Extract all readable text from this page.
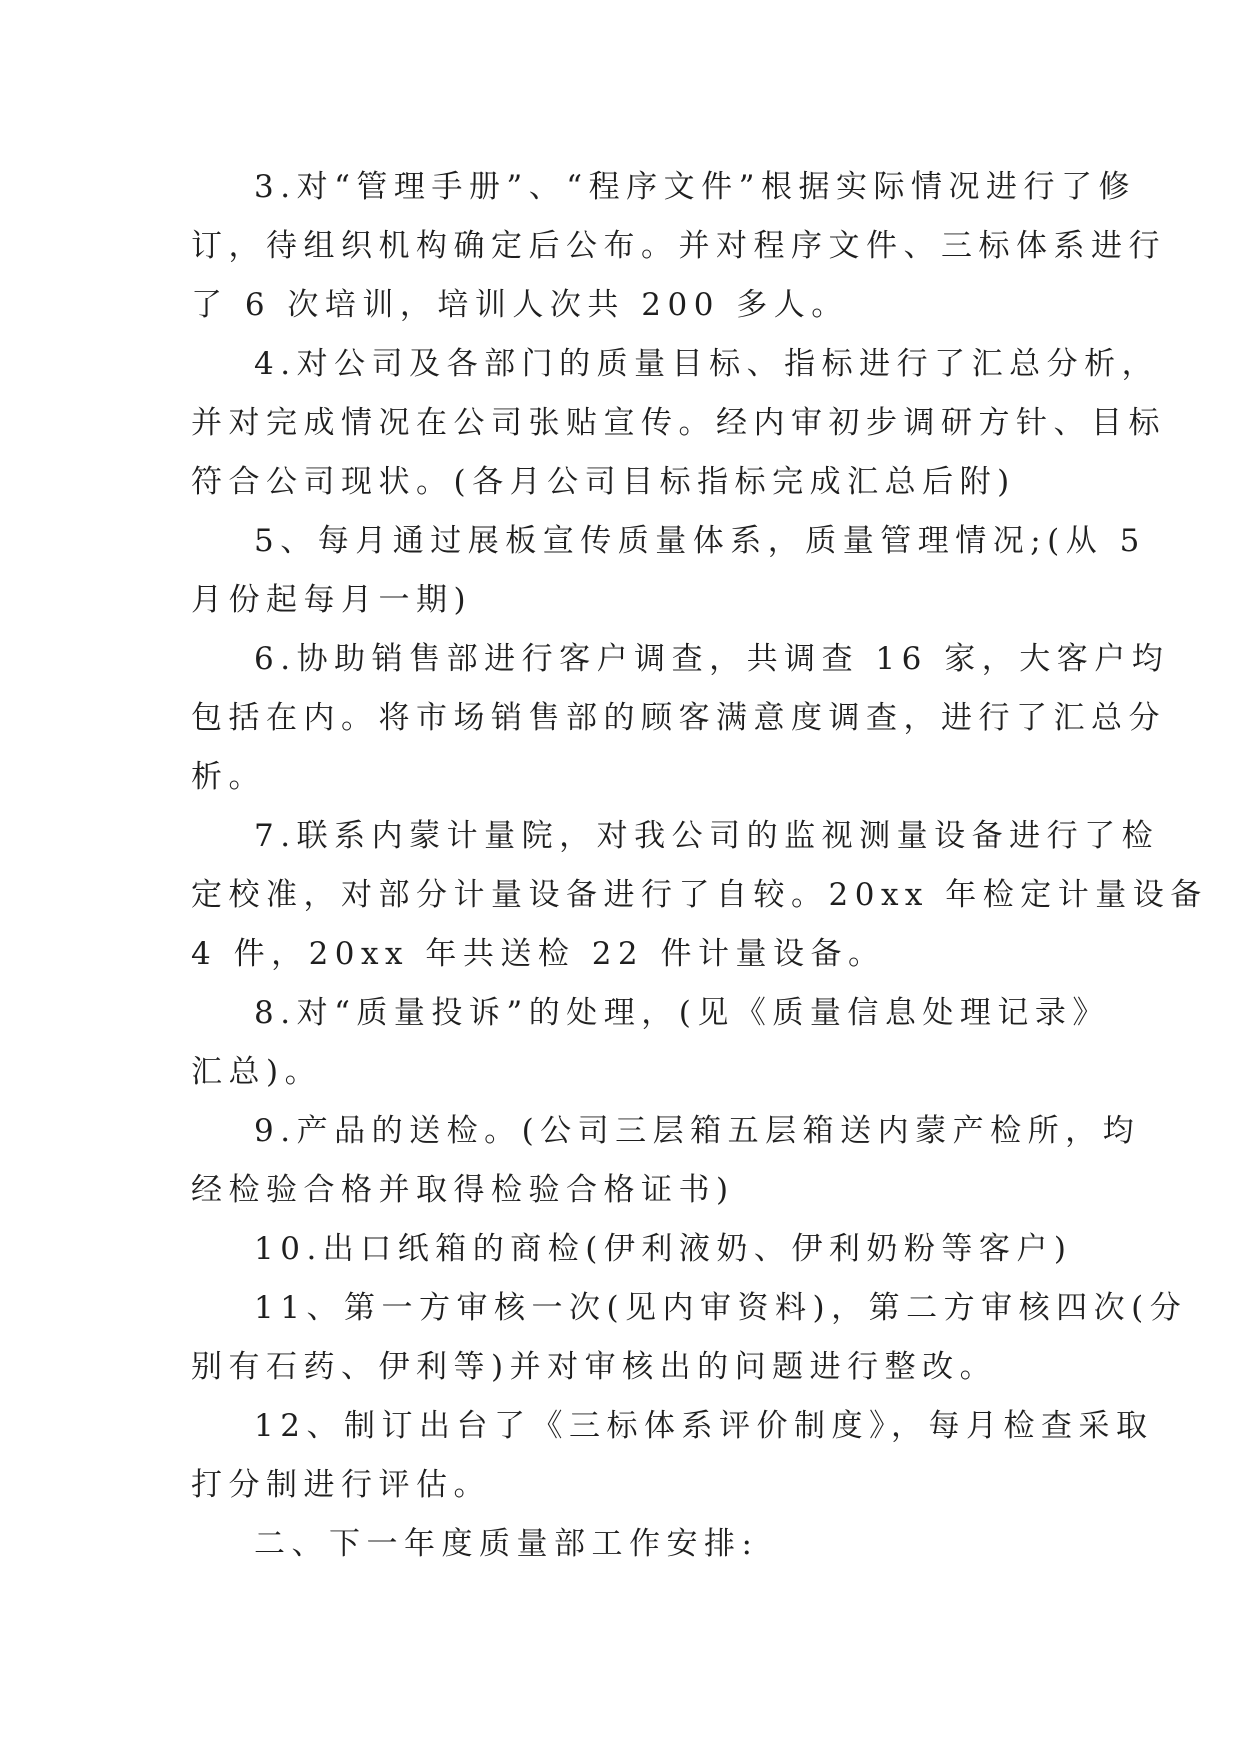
3.对“管理手册”、“程序文件”根据实际情况进行了修
订，待组织机构确定后公布。并对程序文件、三标体系进行
了 6 次培训，培训人次共 200 多人。
4.对公司及各部门的质量目标、指标进行了汇总分析，
并对完成情况在公司张贴宣传。经内审初步调研方针、目标
符合公司现状。(各月公司目标指标完成汇总后附)
5、每月通过展板宣传质量体系，质量管理情况;(从 5
月份起每月一期)
6.协助销售部进行客户调查，共调查 16 家，大客户均
包括在内。将市场销售部的顾客满意度调查，进行了汇总分
析。
7.联系内蒙计量院，对我公司的监视测量设备进行了检
定校准，对部分计量设备进行了自较。20xx 年检定计量设备
4 件，20xx 年共送检 22 件计量设备。
8.对“质量投诉”的处理，(见《质量信息处理记录》
汇总)。
9.产品的送检。(公司三层箱五层箱送内蒙产检所，均
经检验合格并取得检验合格证书)
10.出口纸箱的商检(伊利液奶、伊利奶粉等客户)
11、第一方审核一次(见内审资料)，第二方审核四次(分
别有石药、伊利等)并对审核出的问题进行整改。
12、制订出台了《三标体系评价制度》，每月检查采取
打分制进行评估。
二、下一年度质量部工作安排:
